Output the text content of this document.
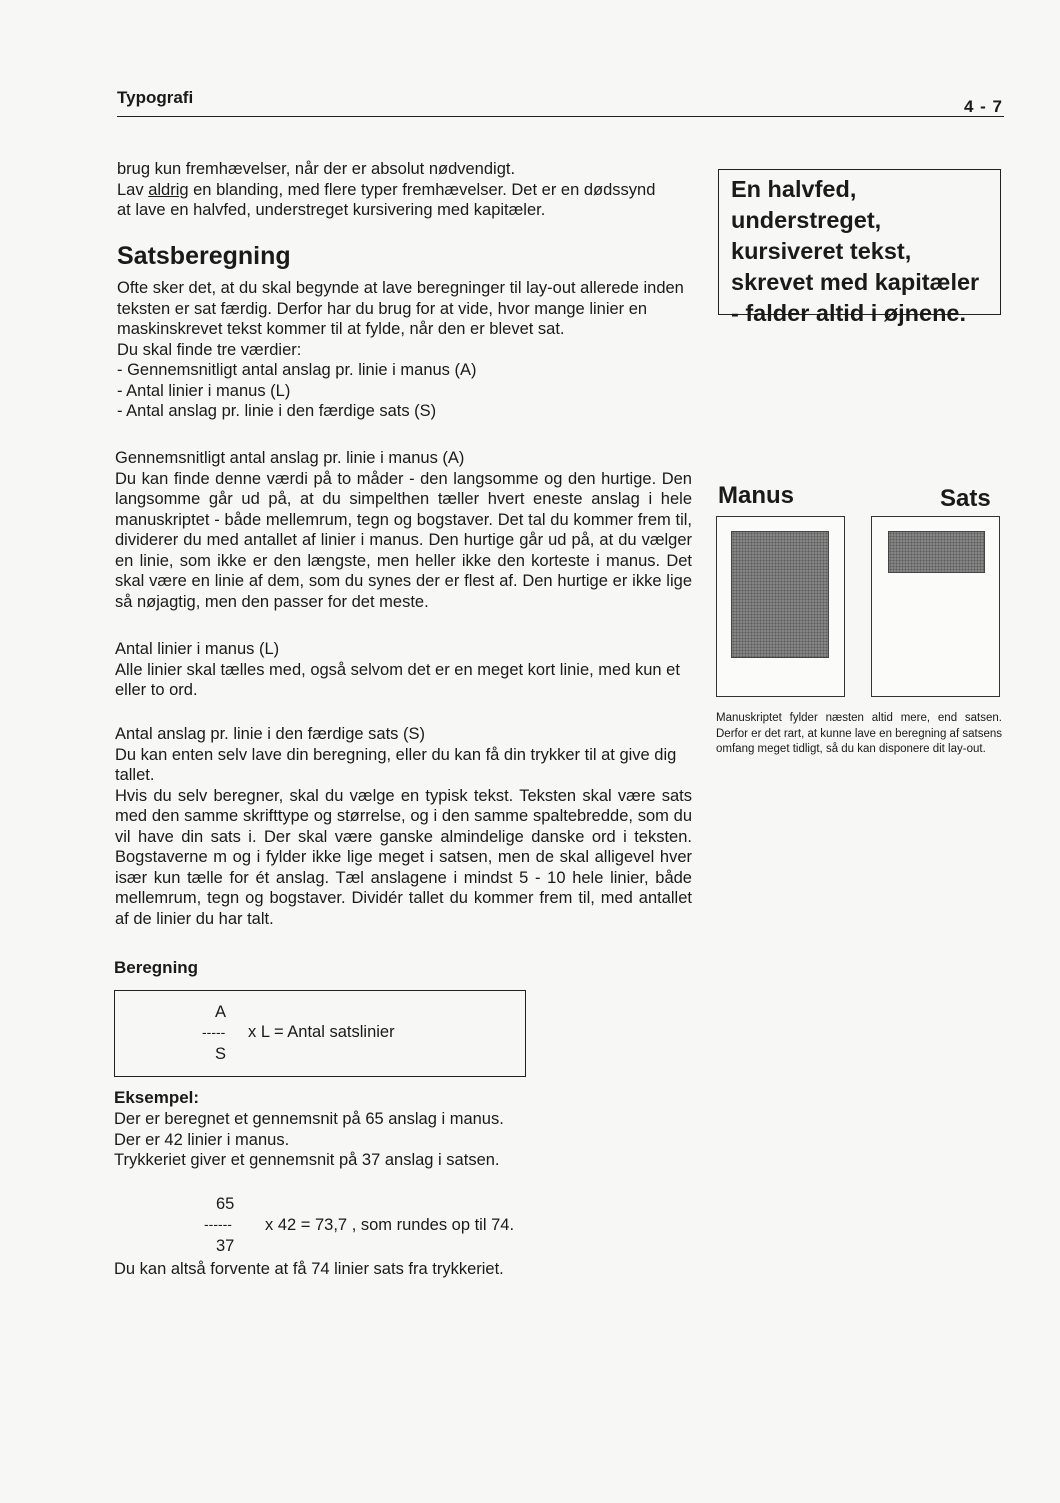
Typografi	4 - 7
brug kun fremhævelser, når der er absolut nødvendigt.
Lav aldrig en blanding, med flere typer fremhævelser. Det er en dødssynd
at lave en halvfed, understreget kursivering med kapitæler.
Satsberegning
Ofte sker det, at du skal begynde at lave beregninger til lay-out allerede inden teksten er sat færdig. Derfor har du brug for at vide, hvor mange linier en maskinskrevet tekst kommer til at fylde, når den er blevet sat.
Du skal finde tre værdier:
- Gennemsnitligt antal anslag pr. linie i manus (A)
- Antal linier i manus (L)
- Antal anslag pr. linie i den færdige sats (S)
Gennemsnitligt antal anslag pr. linie i manus (A)
Du kan finde denne værdi på to måder - den langsomme og den hurtige. Den langsomme går ud på, at du simpelthen tæller hvert eneste anslag i hele manuskriptet - både mellemrum, tegn og bogstaver. Det tal du kommer frem til, dividerer du med antallet af linier i manus. Den hurtige går ud på, at du vælger en linie, som ikke er den længste, men heller ikke den korteste i manus. Det skal være en linie af dem, som du synes der er flest af. Den hurtige er ikke lige så nøjagtig, men den passer for det meste.
Antal linier i manus (L)
Alle linier skal tælles med, også selvom det er en meget kort linie, med kun et eller to ord.
Antal anslag pr. linie i den færdige sats (S)
Du kan enten selv lave din beregning, eller du kan få din trykker til at give dig tallet.
Hvis du selv beregner, skal du vælge en typisk tekst. Teksten skal være sats med den samme skrifttype og størrelse, og i den samme spaltebredde, som du vil have din sats i. Der skal være ganske almindelige danske ord i teksten. Bogstaverne m og i fylder ikke lige meget i satsen, men de skal alligevel hver især kun tælle for ét anslag. Tæl anslagene i mindst 5 - 10 hele linier, både mellemrum, tegn og bogstaver. Dividér tallet du kommer frem til, med antallet af de linier du har talt.
Beregning
A
----- x L = Antal satslinier
S
Eksempel:
Der er beregnet et gennemsnit på 65 anslag i manus.
Der er 42 linier i manus.
Trykkeriet giver et gennemsnit på 37 anslag i satsen.
65
------ x 42 = 73,7 , som rundes op til 74.
37
Du kan altså forvente at få 74 linier sats fra trykkeriet.
En halvfed, understreget, kursiveret tekst, skrevet med kapitæler - falder altid i øjnene.
Manus	Sats
Manuskriptet fylder næsten altid mere, end satsen. Derfor er det rart, at kunne lave en beregning af satsens omfang meget tidligt, så du kan disponere dit lay-out.
